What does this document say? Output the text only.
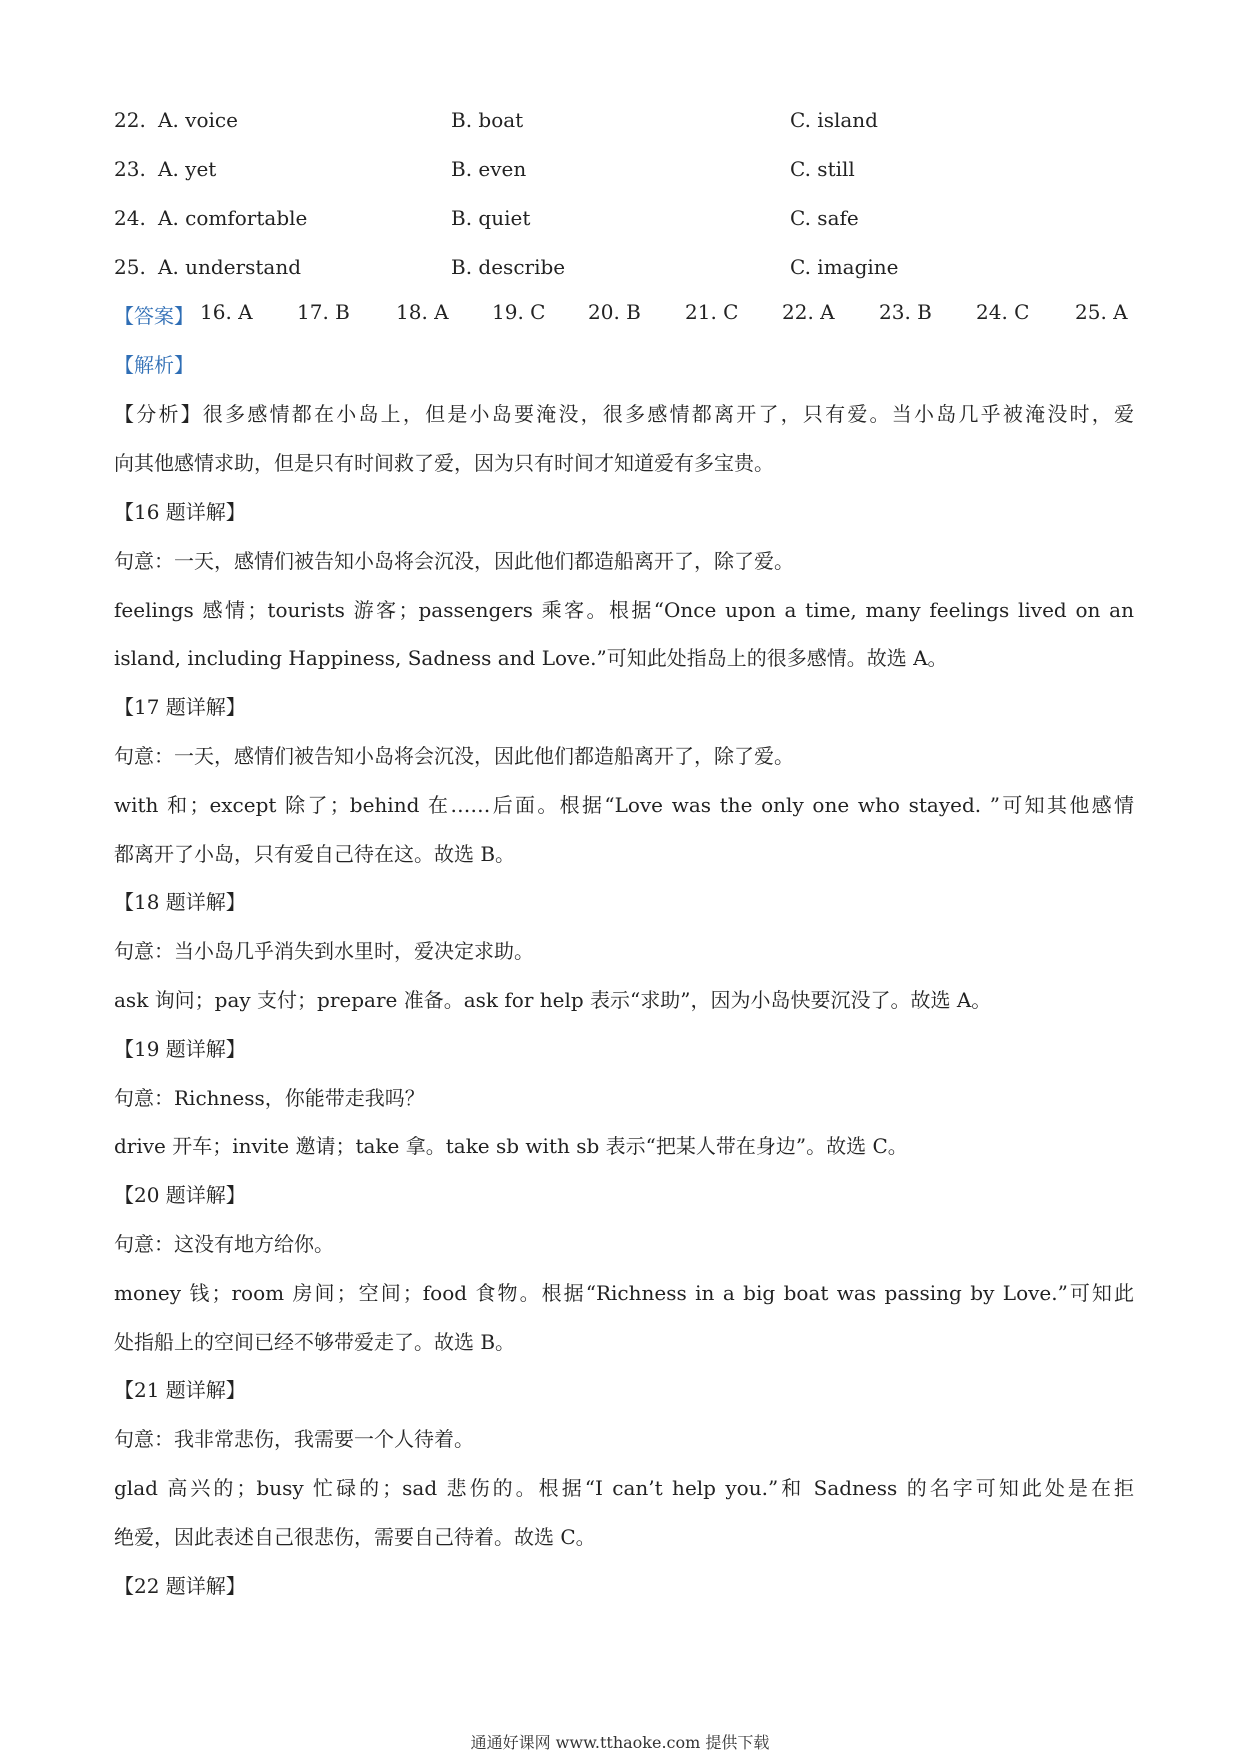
22. A. voice	B. boat	C. island
23. A. yet	B. even	C. still
24. A. comfortable	B. quiet	C. safe
25. A. understand	B. describe	C. imagine
【答案】 16. A 17. B 18. A 19. C 20. B 21. C 22. A 23. B 24. C 25. A
【解析】
【分析】很多感情都在小岛上，但是小岛要淹没，很多感情都离开了，只有爱。当小岛几乎被淹没时，爱
向其他感情求助，但是只有时间救了爱，因为只有时间才知道爱有多宝贵。
【16 题详解】
句意：一天，感情们被告知小岛将会沉没，因此他们都造船离开了，除了爱。
feelings 感情；tourists 游客；passengers 乘客。根据“Once upon a time, many feelings lived on an
island, including Happiness, Sadness and Love.”可知此处指岛上的很多感情。故选 A。
【17 题详解】
句意：一天，感情们被告知小岛将会沉没，因此他们都造船离开了，除了爱。
with 和；except 除了；behind 在……后面。根据“Love was the only one who stayed. ”可知其他感情
都离开了小岛，只有爱自己待在这。故选 B。
【18 题详解】
句意：当小岛几乎消失到水里时，爱决定求助。
ask 询问；pay 支付；prepare 准备。ask for help 表示“求助”，因为小岛快要沉没了。故选 A。
【19 题详解】
句意：Richness，你能带走我吗？
drive 开车；invite 邀请；take 拿。take sb with sb 表示“把某人带在身边”。故选 C。
【20 题详解】
句意：这没有地方给你。
money 钱；room 房间；空间；food 食物。根据“Richness in a big boat was passing by Love.”可知此
处指船上的空间已经不够带爱走了。故选 B。
【21 题详解】
句意：我非常悲伤，我需要一个人待着。
glad 高兴的；busy 忙碌的；sad 悲伤的。根据“I can’t help you.”和 Sadness 的名字可知此处是在拒
绝爱，因此表述自己很悲伤，需要自己待着。故选 C。
【22 题详解】
通通好课网 www.tthaoke.com 提供下载
